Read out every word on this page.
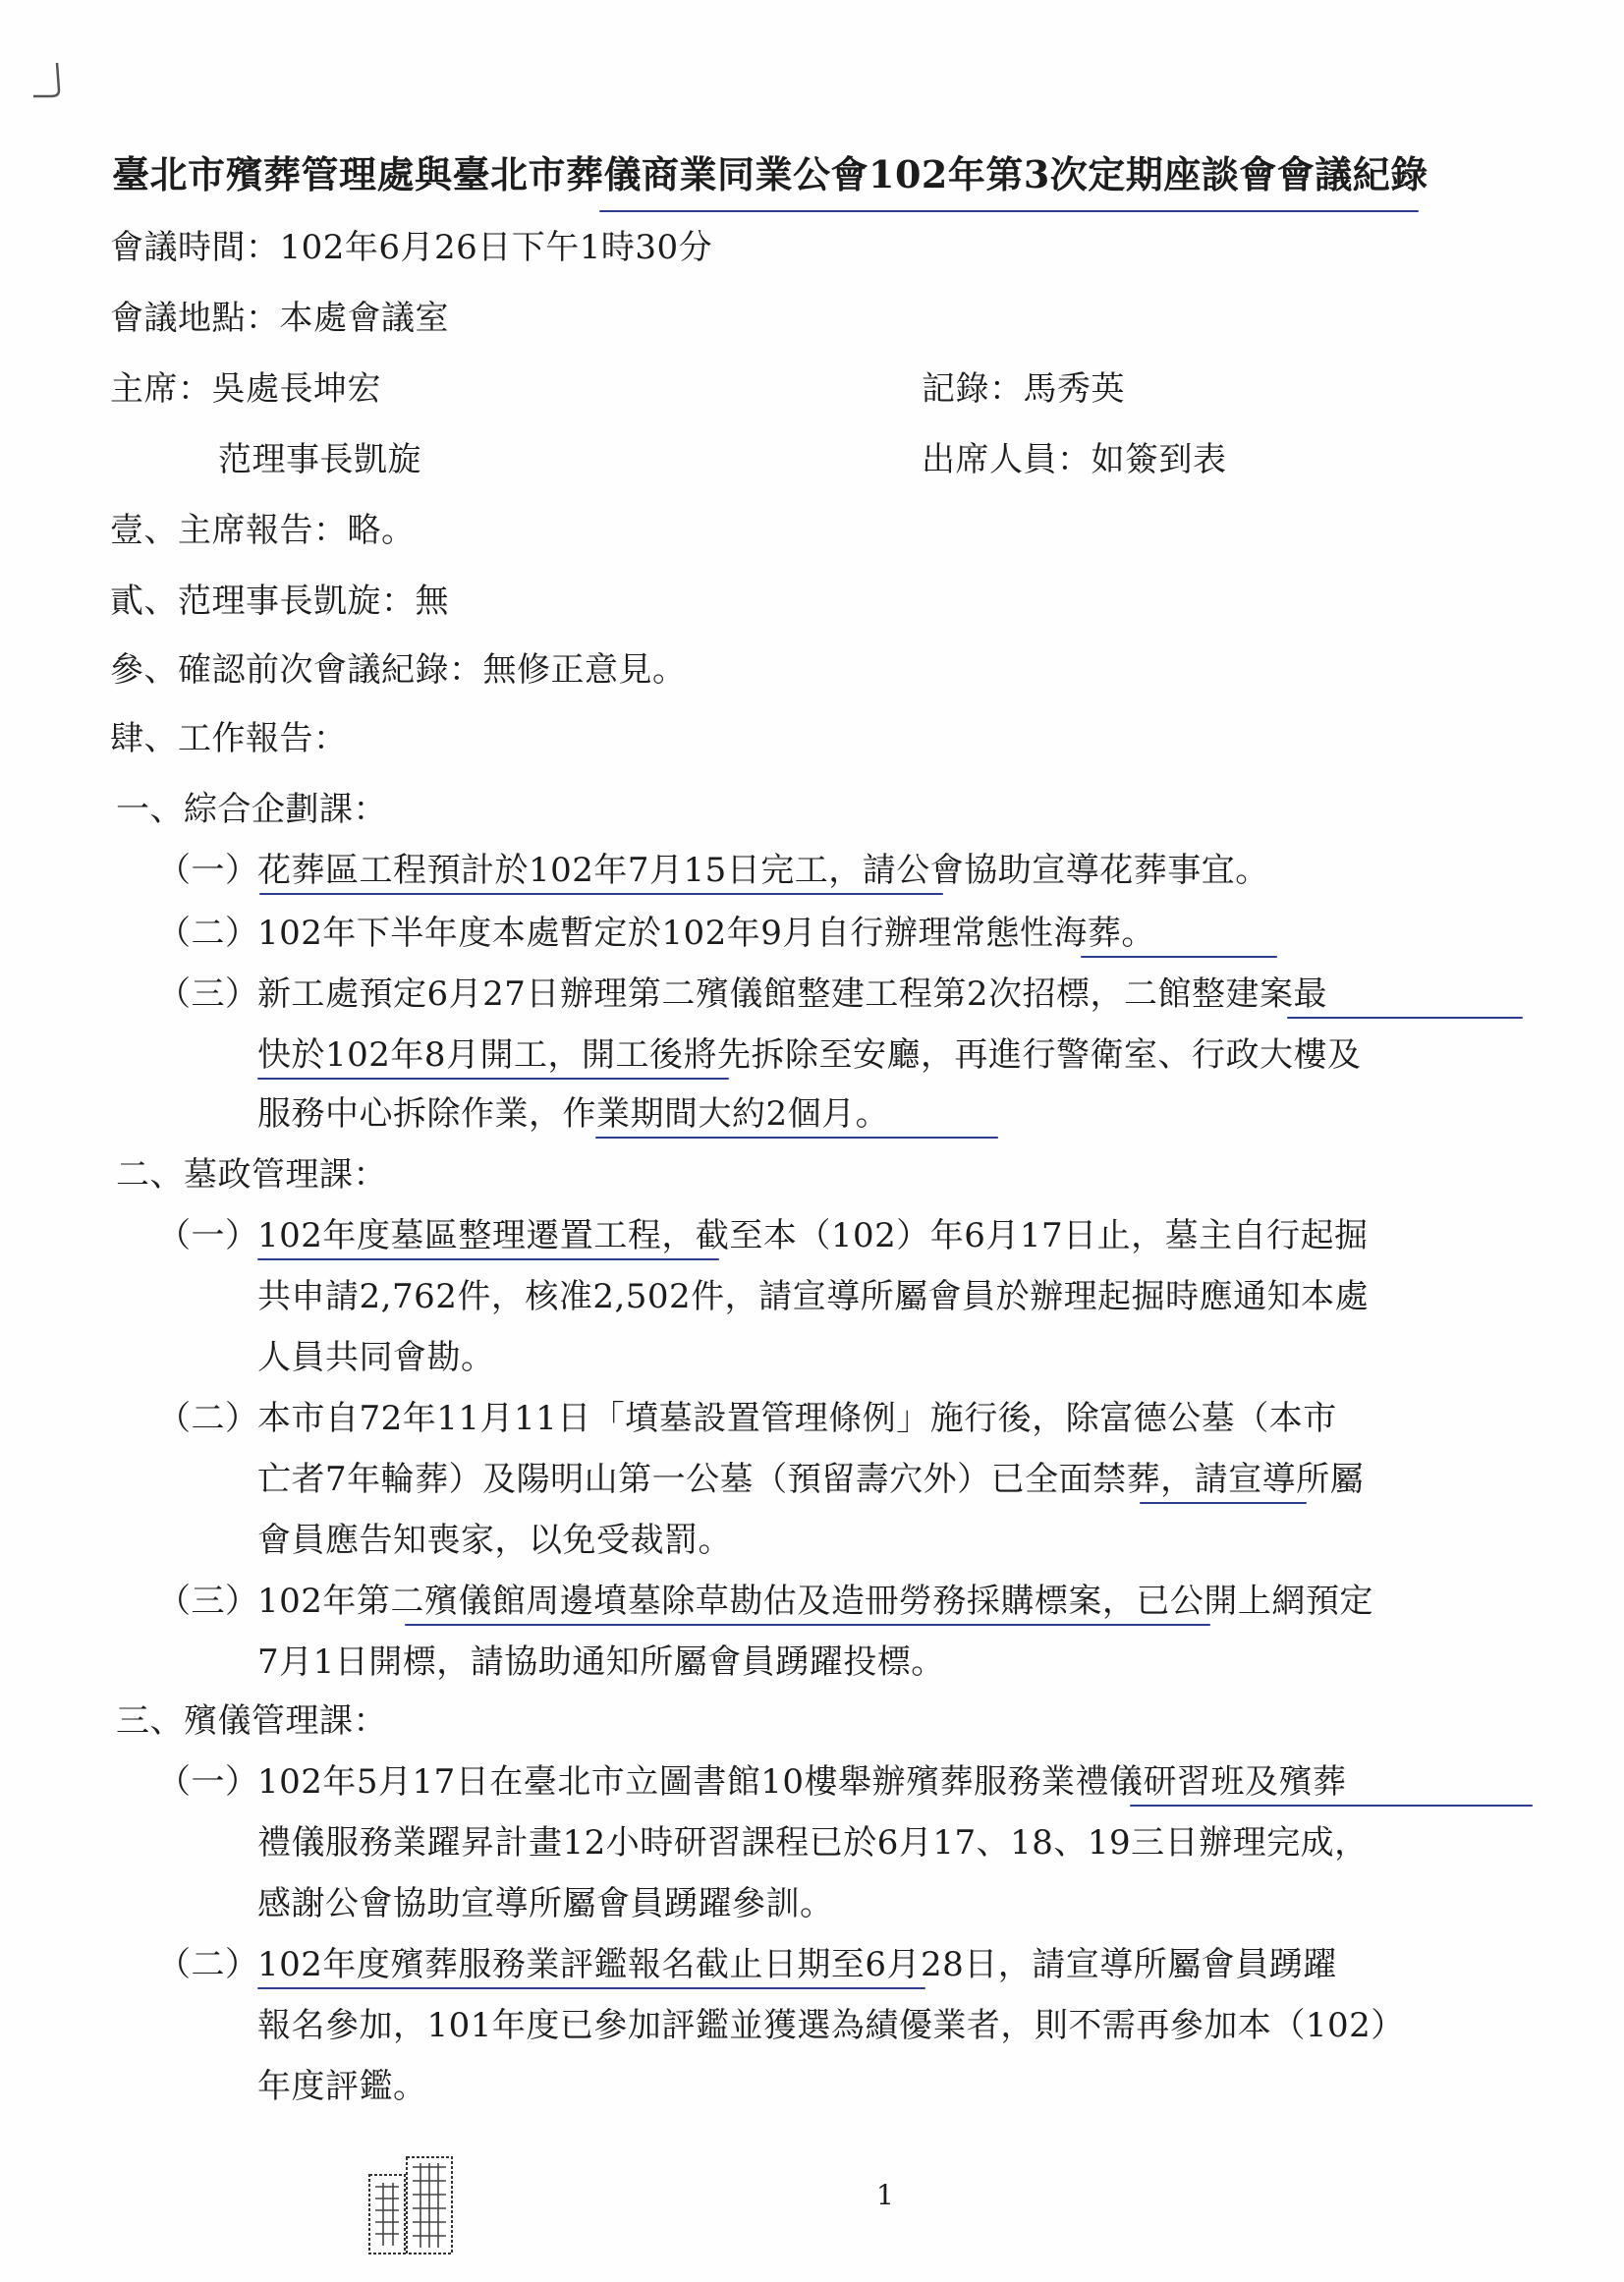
臺北市殯葬管理處與臺北市葬儀商業同業公會102年第3次定期座談會會議紀錄
會議時間：102年6月26日下午1時30分
會議地點：本處會議室
主席：吳處長坤宏	記錄：馬秀英
范理事長凱旋	出席人員：如簽到表
壹、主席報告：略。
貳、范理事長凱旋：無
參、確認前次會議紀錄：無修正意見。
肆、工作報告：
一、綜合企劃課：
（一）
花葬區工程預計於102年7月15日完工，請公會協助宣導花葬事宜。
（二）
102年下半年度本處暫定於102年9月自行辦理常態性海葬。
（三）
新工處預定6月27日辦理第二殯儀館整建工程第2次招標，二館整建案最
快於102年8月開工，開工後將先拆除至安廳，再進行警衛室、行政大樓及
服務中心拆除作業，作業期間大約2個月。
二、墓政管理課：
（一）
102年度墓區整理遷置工程，截至本（102）年6月17日止，墓主自行起掘
共申請2,762件，核准2,502件，請宣導所屬會員於辦理起掘時應通知本處
人員共同會勘。
（二）
本市自72年11月11日「墳墓設置管理條例」施行後，除富德公墓（本市
亡者7年輪葬）及陽明山第一公墓（預留壽穴外）已全面禁葬，請宣導所屬
會員應告知喪家，以免受裁罰。
（三）
102年第二殯儀館周邊墳墓除草勘估及造冊勞務採購標案，已公開上網預定
7月1日開標，請協助通知所屬會員踴躍投標。
三、殯儀管理課：
（一）
102年5月17日在臺北市立圖書館10樓舉辦殯葬服務業禮儀研習班及殯葬
禮儀服務業躍昇計畫12小時研習課程已於6月17、18、19三日辦理完成，
感謝公會協助宣導所屬會員踴躍參訓。
（二）
102年度殯葬服務業評鑑報名截止日期至6月28日，請宣導所屬會員踴躍
報名參加，101年度已參加評鑑並獲選為績優業者，則不需再參加本（102）
年度評鑑。
1
